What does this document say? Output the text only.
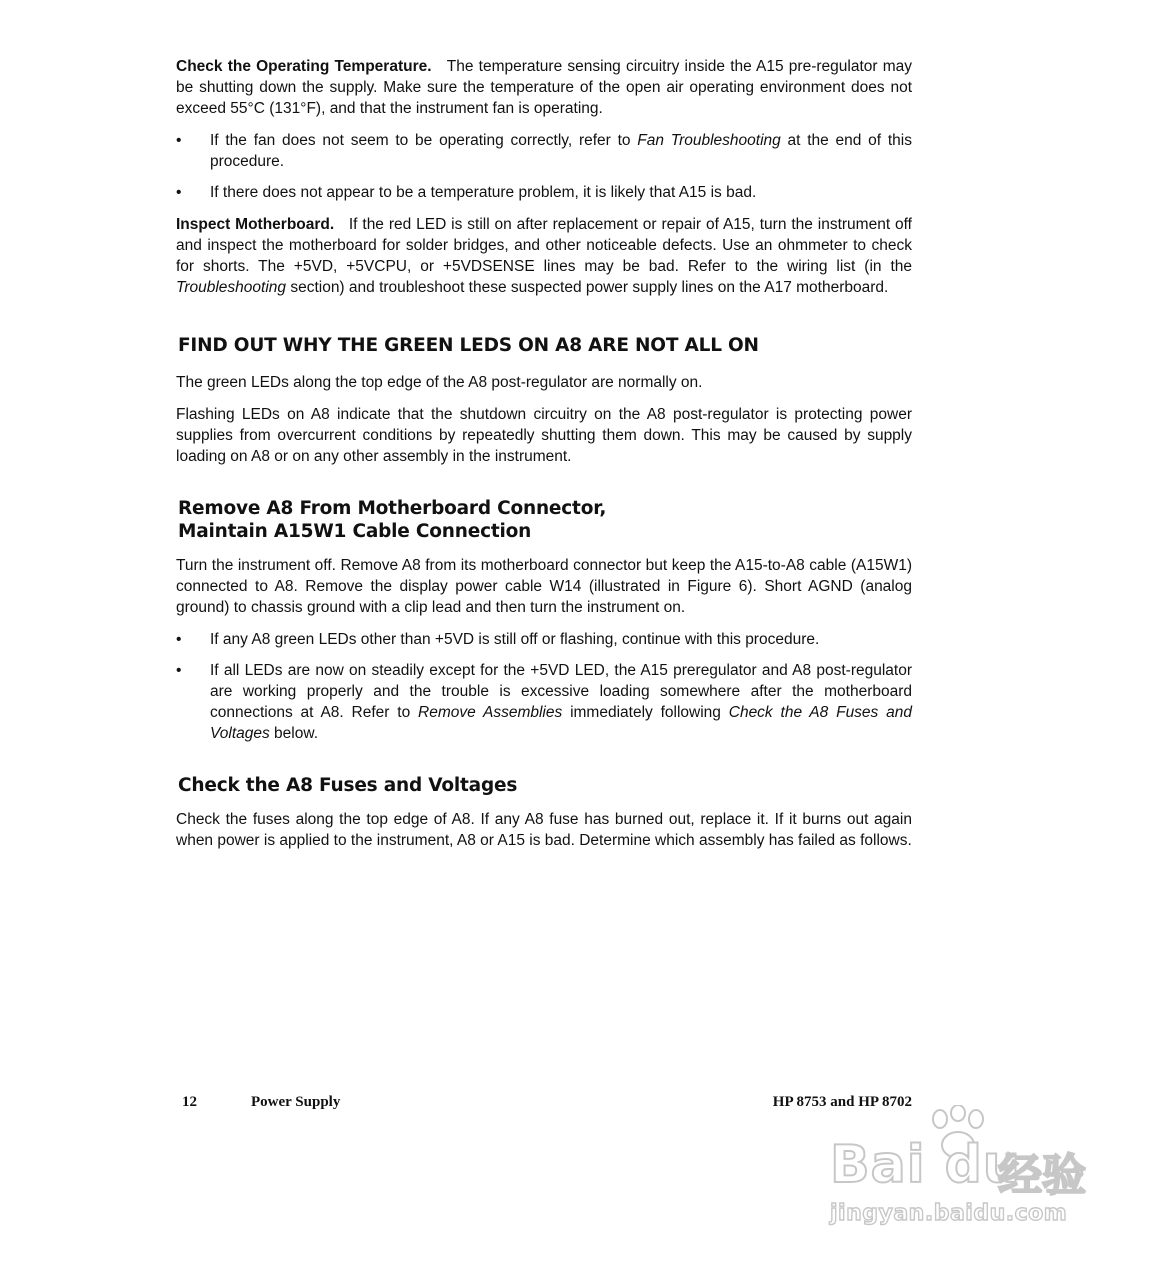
Check the Operating Temperature. The temperature sensing circuitry inside the A15 pre-regulator may be shutting down the supply. Make sure the temperature of the open air operating environment does not exceed 55°C (131°F), and that the instrument fan is operating.

• If the fan does not seem to be operating correctly, refer to Fan Troubleshooting at the end of this procedure.
• If there does not appear to be a temperature problem, it is likely that A15 is bad.

Inspect Motherboard. If the red LED is still on after replacement or repair of A15, turn the instrument off and inspect the motherboard for solder bridges, and other noticeable defects. Use an ohmmeter to check for shorts. The +5VD, +5VCPU, or +5VDSENSE lines may be bad. Refer to the wiring list (in the Troubleshooting section) and troubleshoot these suspected power supply lines on the A17 motherboard.

FIND OUT WHY THE GREEN LEDS ON A8 ARE NOT ALL ON

The green LEDs along the top edge of the A8 post-regulator are normally on.

Flashing LEDs on A8 indicate that the shutdown circuitry on the A8 post-regulator is protecting power supplies from overcurrent conditions by repeatedly shutting them down. This may be caused by supply loading on A8 or on any other assembly in the instrument.

Remove A8 From Motherboard Connector,
Maintain A15W1 Cable Connection

Turn the instrument off. Remove A8 from its motherboard connector but keep the A15-to-A8 cable (A15W1) connected to A8. Remove the display power cable W14 (illustrated in Figure 6). Short AGND (analog ground) to chassis ground with a clip lead and then turn the instrument on.

• If any A8 green LEDs other than +5VD is still off or flashing, continue with this procedure.
• If all LEDs are now on steadily except for the +5VD LED, the A15 preregulator and A8 post-regulator are working properly and the trouble is excessive loading somewhere after the motherboard connections at A8. Refer to Remove Assemblies immediately following Check the A8 Fuses and Voltages below.
Check the A8 Fuses and Voltages

Check the fuses along the top edge of A8. If any A8 fuse has burned out, replace it. If it burns out again when power is applied to the instrument, A8 or A15 is bad. Determine which assembly has failed as follows.

12	Power Supply	HP 8753 and HP 8702
Bai du
经验
jingyan.baidu.com
